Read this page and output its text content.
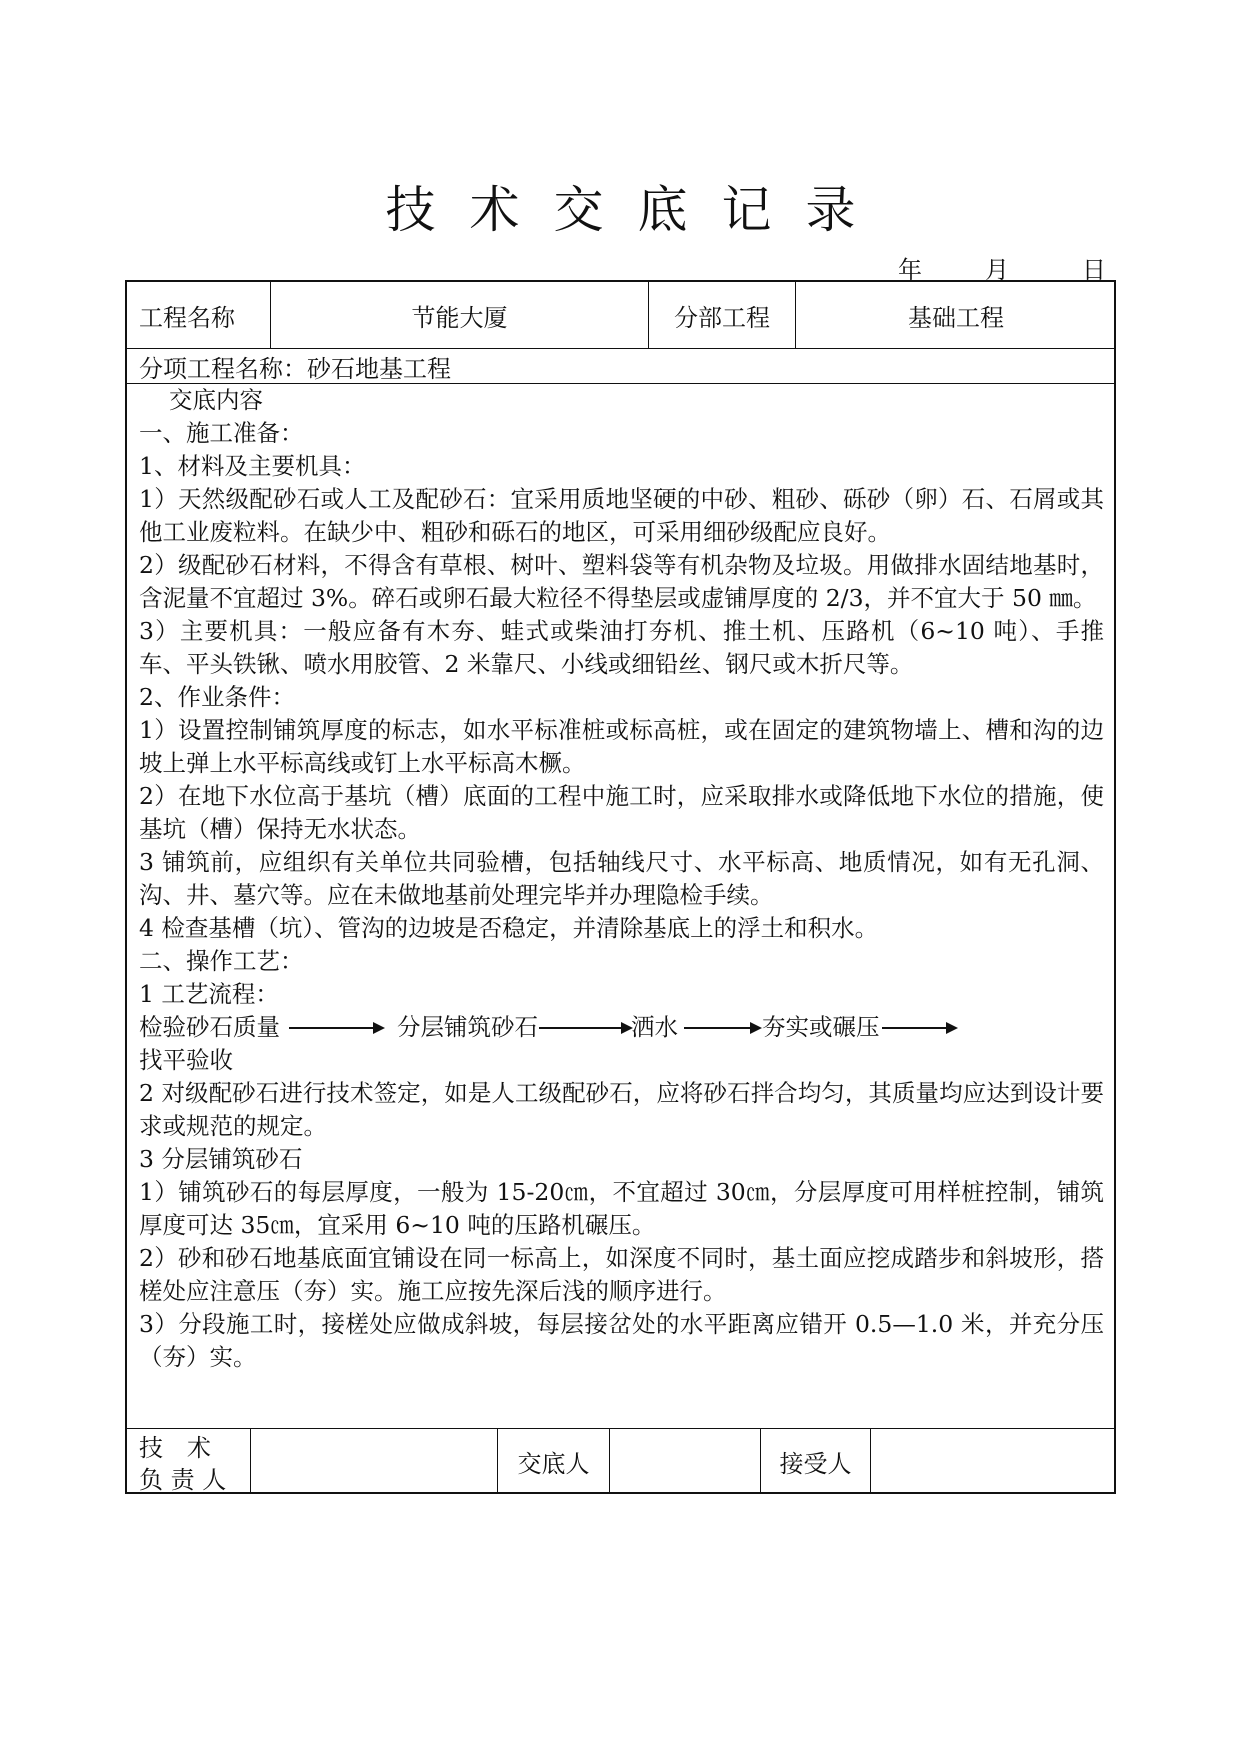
技术交底记录
年	月	日
工程名称	节能大厦	分部工程	基础工程
分项工程名称：砂石地基工程

交底内容

一、施工准备：

1、材料及主要机具：

1）天然级配砂石或人工及配砂石：宜采用质地坚硬的中砂、粗砂、砾砂（卵）石、石屑或其他工业废粒料。在缺少中、粗砂和砾石的地区，可采用细砂级配应良好。

2）级配砂石材料，不得含有草根、树叶、塑料袋等有机杂物及垃圾。用做排水固结地基时，含泥量不宜超过 3%。碎石或卵石最大粒径不得垫层或虚铺厚度的 2/3，并不宜大于 50 ㎜。

3）主要机具：一般应备有木夯、蛙式或柴油打夯机、推土机、压路机（6~10 吨）、手推车、平头铁锹、喷水用胶管、2 米靠尺、小线或细铅丝、钢尺或木折尺等。

2、作业条件：

1）设置控制铺筑厚度的标志，如水平标准桩或标高桩，或在固定的建筑物墙上、槽和沟的边坡上弹上水平标高线或钉上水平标高木橛。

2）在地下水位高于基坑（槽）底面的工程中施工时，应采取排水或降低地下水位的措施，使基坑（槽）保持无水状态。

3 铺筑前，应组织有关单位共同验槽，包括轴线尺寸、水平标高、地质情况，如有无孔洞、沟、井、墓穴等。应在未做地基前处理完毕并办理隐检手续。

4 检查基槽（坑）、管沟的边坡是否稳定，并清除基底上的浮土和积水。

二、操作工艺：

1 工艺流程：

检验砂石质量	分层铺筑砂石	洒水	夯实或碾压

找平验收

2 对级配砂石进行技术签定，如是人工级配砂石，应将砂石拌合均匀，其质量均应达到设计要求或规范的规定。

3 分层铺筑砂石

1）铺筑砂石的每层厚度，一般为 15-20㎝，不宜超过 30㎝，分层厚度可用样桩控制，铺筑厚度可达 35㎝，宜采用 6~10 吨的压路机碾压。

2）砂和砂石地基底面宜铺设在同一标高上，如深度不同时，基土面应挖成踏步和斜坡形，搭槎处应注意压（夯）实。施工应按先深后浅的顺序进行。

3）分段施工时，接槎处应做成斜坡，每层接岔处的水平距离应错开 0.5—1.0 米，并充分压（夯）实。

技　术
负 责 人
交底人	接受人
